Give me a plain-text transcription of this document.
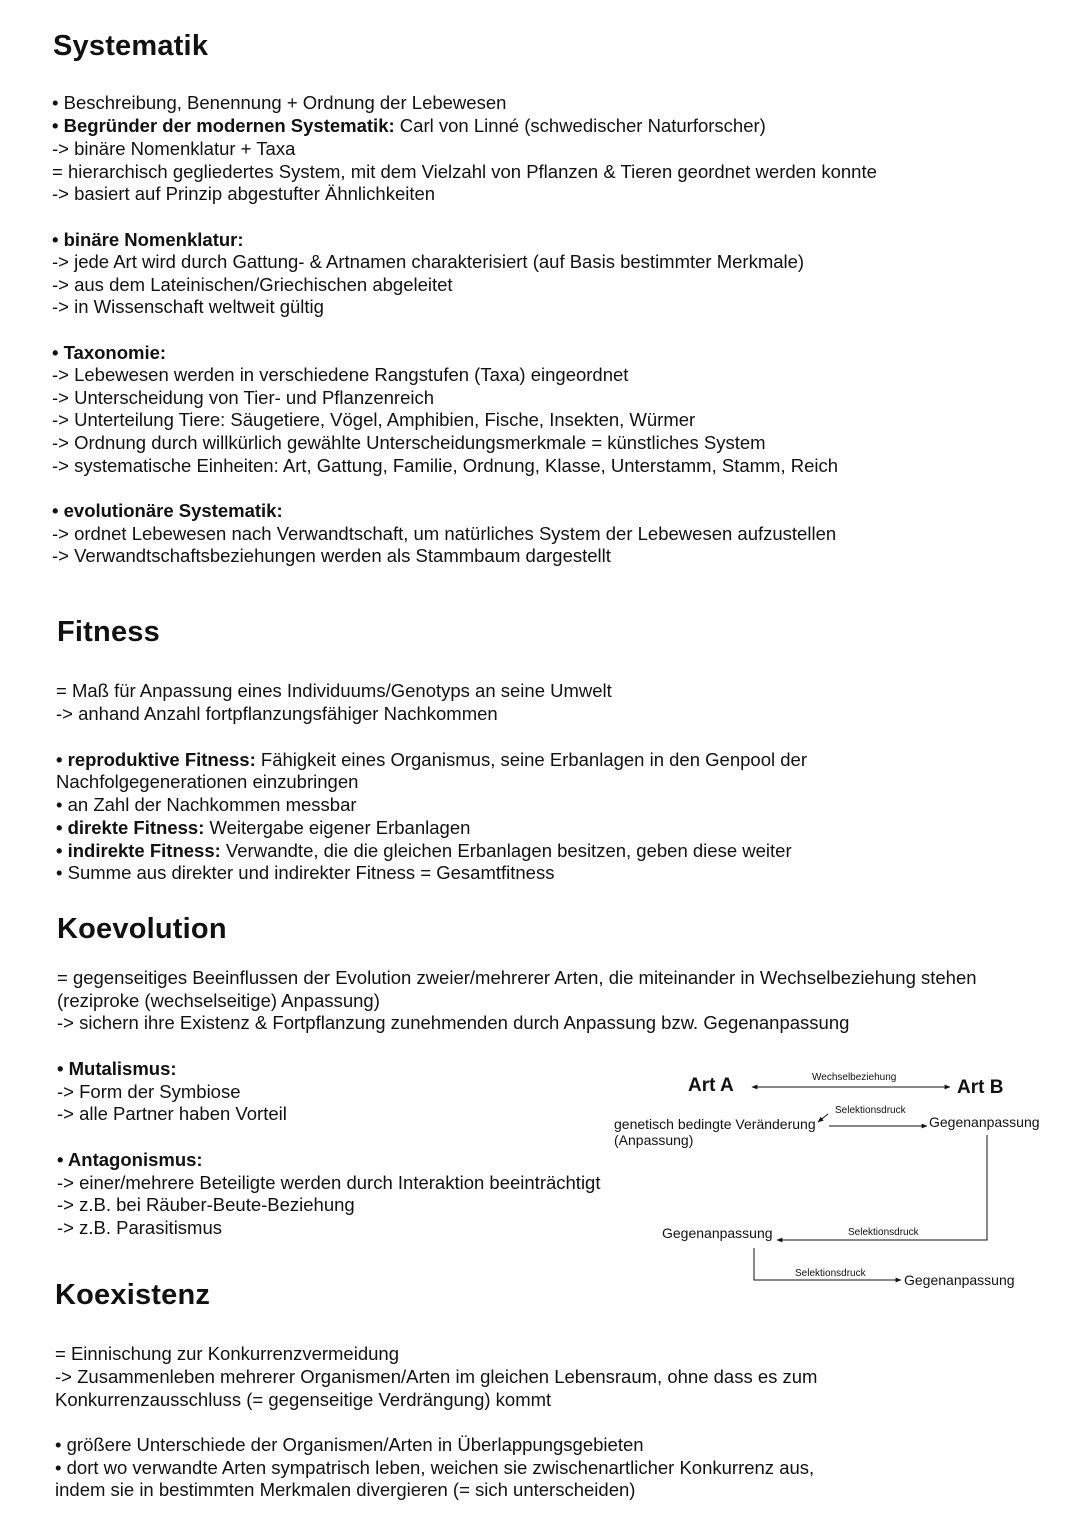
Systematik

• Beschreibung, Benennung + Ordnung der Lebewesen

• Begründer der modernen Systematik: Carl von Linné (schwedischer Naturforscher)

-> binäre Nomenklatur + Taxa

= hierarchisch gegliedertes System, mit dem Vielzahl von Pflanzen & Tieren geordnet werden konnte

-> basiert auf Prinzip abgestufter Ähnlichkeiten

• binäre Nomenklatur:

-> jede Art wird durch Gattung- & Artnamen charakterisiert (auf Basis bestimmter Merkmale)

-> aus dem Lateinischen/Griechischen abgeleitet

-> in Wissenschaft weltweit gültig

• Taxonomie:

-> Lebewesen werden in verschiedene Rangstufen (Taxa) eingeordnet

-> Unterscheidung von Tier- und Pflanzenreich

-> Unterteilung Tiere: Säugetiere, Vögel, Amphibien, Fische, Insekten, Würmer

-> Ordnung durch willkürlich gewählte Unterscheidungsmerkmale = künstliches System

-> systematische Einheiten: Art, Gattung, Familie, Ordnung, Klasse, Unterstamm, Stamm, Reich

• evolutionäre Systematik:

-> ordnet Lebewesen nach Verwandtschaft, um natürliches System der Lebewesen aufzustellen

-> Verwandtschaftsbeziehungen werden als Stammbaum dargestellt

Fitness

= Maß für Anpassung eines Individuums/Genotyps an seine Umwelt

-> anhand Anzahl fortpflanzungsfähiger Nachkommen

• reproduktive Fitness: Fähigkeit eines Organismus, seine Erbanlagen in den Genpool der

Nachfolgegenerationen einzubringen

• an Zahl der Nachkommen messbar

• direkte Fitness: Weitergabe eigener Erbanlagen

• indirekte Fitness: Verwandte, die die gleichen Erbanlagen besitzen, geben diese weiter

• Summe aus direkter und indirekter Fitness = Gesamtfitness

Koevolution

= gegenseitiges Beeinflussen der Evolution zweier/mehrerer Arten, die miteinander in Wechselbeziehung stehen

(reziproke (wechselseitige) Anpassung)

-> sichern ihre Existenz & Fortpflanzung zunehmenden durch Anpassung bzw. Gegenanpassung

• Mutalismus:

-> Form der Symbiose

-> alle Partner haben Vorteil

• Antagonismus:

-> einer/mehrere Beteiligte werden durch Interaktion beeinträchtigt

-> z.B. bei Räuber-Beute-Beziehung

-> z.B. Parasitismus

Art A	Art B
Wechselbeziehung
genetisch bedingte Veränderung
(Anpassung)
Selektionsdruck
Gegenanpassung
Selektionsdruck
Gegenanpassung
Selektionsdruck	Gegenanpassung
Koexistenz

= Einnischung zur Konkurrenzvermeidung

-> Zusammenleben mehrerer Organismen/Arten im gleichen Lebensraum, ohne dass es zum

Konkurrenzausschluss (= gegenseitige Verdrängung) kommt

• größere Unterschiede der Organismen/Arten in Überlappungsgebieten

• dort wo verwandte Arten sympatrisch leben, weichen sie zwischenartlicher Konkurrenz aus,

indem sie in bestimmten Merkmalen divergieren (= sich unterscheiden)
